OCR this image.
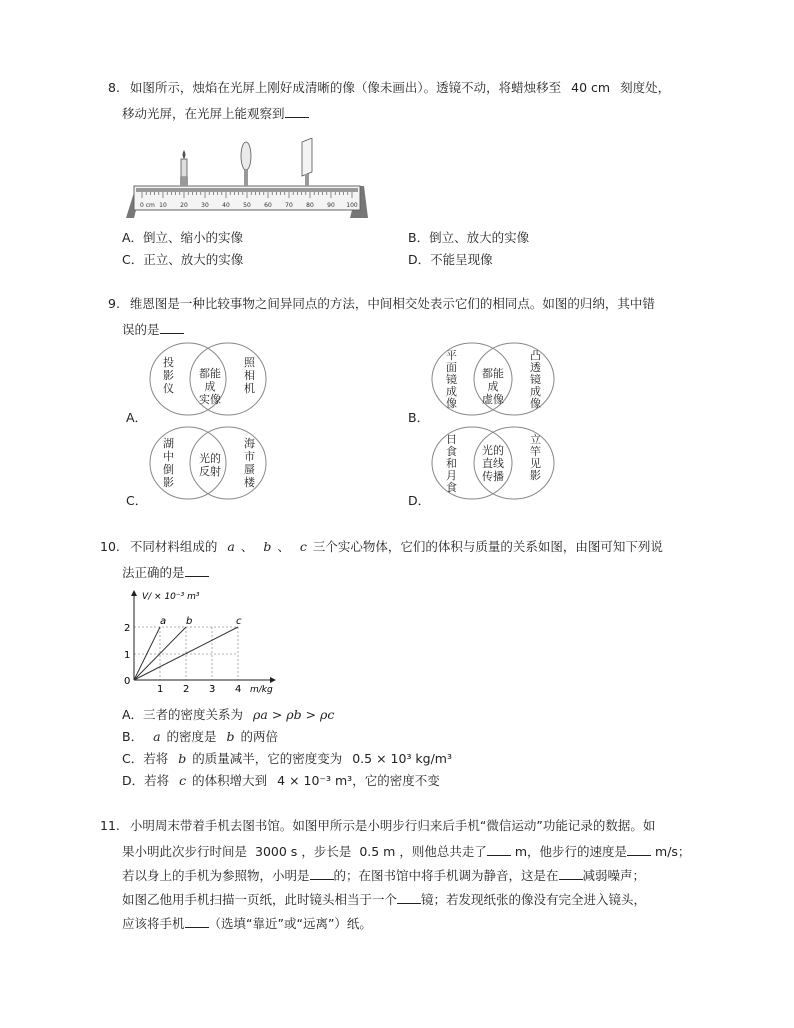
8. 如图所示，烛焰在光屏上刚好成清晰的像（像未画出）。透镜不动，将蜡烛移至 40 cm 刻度处，
移动光屏，在光屏上能观察到
0 cm 10 20 30 40 50 60 70 80 90 100
A．倒立、缩小的实像	B．倒立、放大的实像
C．正立、放大的实像	D．不能呈现像
9. 维恩图是一种比较事物之间异同点的方法，中间相交处表示它们的相同点。如图的归纳，其中错
误的是
A．
投影仪
都能成
实像
照相机
B．
平面镜成像
都能成
虚像
凸透镜成像
C．
湖中倒影
光的
反射
海市蜃楼
D．
日食和月食
光的
直线
传播
立竿见影
10. 不同材料组成的 a 、 b 、 c 三个实心物体，它们的体积与质量的关系如图，由图可知下列说
法正确的是
a b	c
V/ × 10⁻³ m³
m/kg
0
1 2 3 4
1
2
A．三者的密度关系为 ρa > ρb > ρc
B． a 的密度是 b 的两倍
C．若将 b 的质量减半，它的密度变为 0.5 × 10³ kg/m³
D．若将 c 的体积增大到 4 × 10⁻³ m³，它的密度不变
11. 小明周末带着手机去图书馆。如图甲所示是小明步行归来后手机“微信运动”功能记录的数据。如
果小明此次步行时间是 3000 s ，步长是 0.5 m ，则他总共走了 m，他步行的速度是 m/s；
若以身上的手机为参照物，小明是 的；在图书馆中将手机调为静音，这是在 减弱噪声；
如图乙他用手机扫描一页纸，此时镜头相当于一个 镜；若发现纸张的像没有完全进入镜头，
应该将手机 （选填“靠近”或“远离”）纸。
